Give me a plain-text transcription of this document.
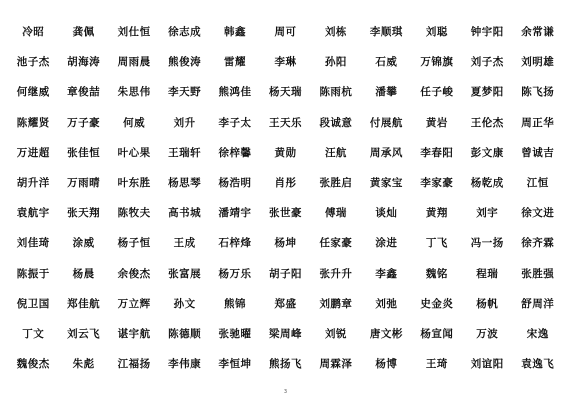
冷昭	龚佩	刘仕恒	徐志成	韩鑫	周可	刘栋	李顺琪	刘聪	钟宇阳	余常谦
池子杰	胡海涛	周雨晨	熊俊涛	雷耀	李琳	孙阳	石威	万锦旗	刘子杰	刘明雄
何继威	章俊喆	朱思伟	李天野	熊鸿佳	杨天瑞	陈雨杭	潘攀	任子峻	夏梦阳	陈飞扬
陈耀贤	万子豪	何威	刘升	李子太	王天乐	段诚意	付展航	黄岩	王伦杰	周正华
万进超	张佳恒	叶心果	王瑞轩	徐梓馨	黄勋	汪航	周承风	李春阳	彭文康	曾诚吉
胡升洋	万雨晴	叶东胜	杨思琴	杨浩明	肖彤	张胜启	黄家宝	李家豪	杨乾成	江恒
袁航宇	张天翔	陈牧夫	高书城	潘靖宇	张世豪	傅瑞	谈灿	黄翔	刘宇	徐文进
刘佳琦	涂威	杨子恒	王成	石梓烽	杨坤	任家豪	涂进	丁飞	冯一扬	徐齐霖
陈振于	杨晨	余俊杰	张富展	杨万乐	胡子阳	张升升	李鑫	魏铭	程瑞	张胜强
倪卫国	郑佳航	万立辉	孙文	熊锦	郑盛	刘鹏章	刘弛	史金炎	杨帆	舒周洋
丁文	刘云飞	谌宇航	陈德顺	张驰曜	梁周峰	刘锐	唐文彬	杨宣闻	万波	宋逸
魏俊杰	朱彪	江福扬	李伟康	李恒坤	熊扬飞	周霖泽	杨博	王琦	刘谊阳	袁逸飞
3
